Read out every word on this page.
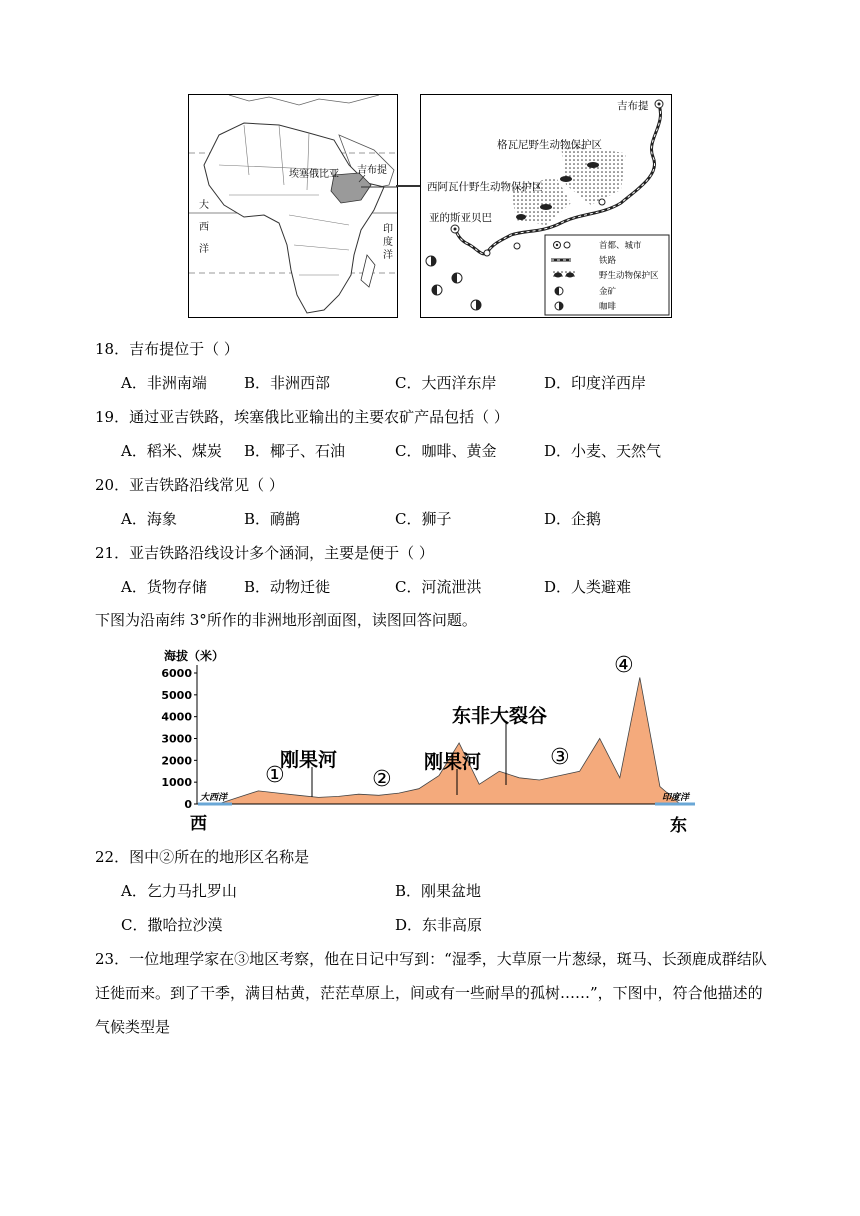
埃塞俄比亚 吉布提
大
西
洋
印
度
洋
吉布提
格瓦尼野生动物保护区
西阿瓦什野生动物保护区
亚的斯亚贝巴
首都、城市
铁路
野生动物保护区
金矿
咖啡
18．吉布提位于（ ）
A．非洲南端 B．非洲西部	C．大西洋东岸	D．印度洋西岸
19．通过亚吉铁路，埃塞俄比亚输出的主要农矿产品包括（ ）
A．稻米、煤炭 B．椰子、石油	C．咖啡、黄金	D．小麦、天然气
20．亚吉铁路沿线常见（ ）
A．海象	B．鸸鹋	C．狮子	D．企鹅
21．亚吉铁路沿线设计多个涵洞，主要是便于（ ）
A．货物存储 B．动物迁徙	C．河流泄洪	D．人类避难
下图为沿南纬 3°所作的非洲地形剖面图，读图回答问题。
6000
5000
4000
3000
2000
1000
0
海拔（米）
大西洋	印度洋
西	东
刚果河	刚果河
东非大裂谷
①	②
③
④
22．图中②所在的地形区名称是
A．乞力马扎罗山	B．刚果盆地
C．撒哈拉沙漠	D．东非高原
23．一位地理学家在③地区考察，他在日记中写到：“湿季，大草原一片葱绿，斑马、长颈鹿成群结队
迁徙而来。到了干季，满目枯黄，茫茫草原上，间或有一些耐旱的孤树……”，下图中，符合他描述的
气候类型是
